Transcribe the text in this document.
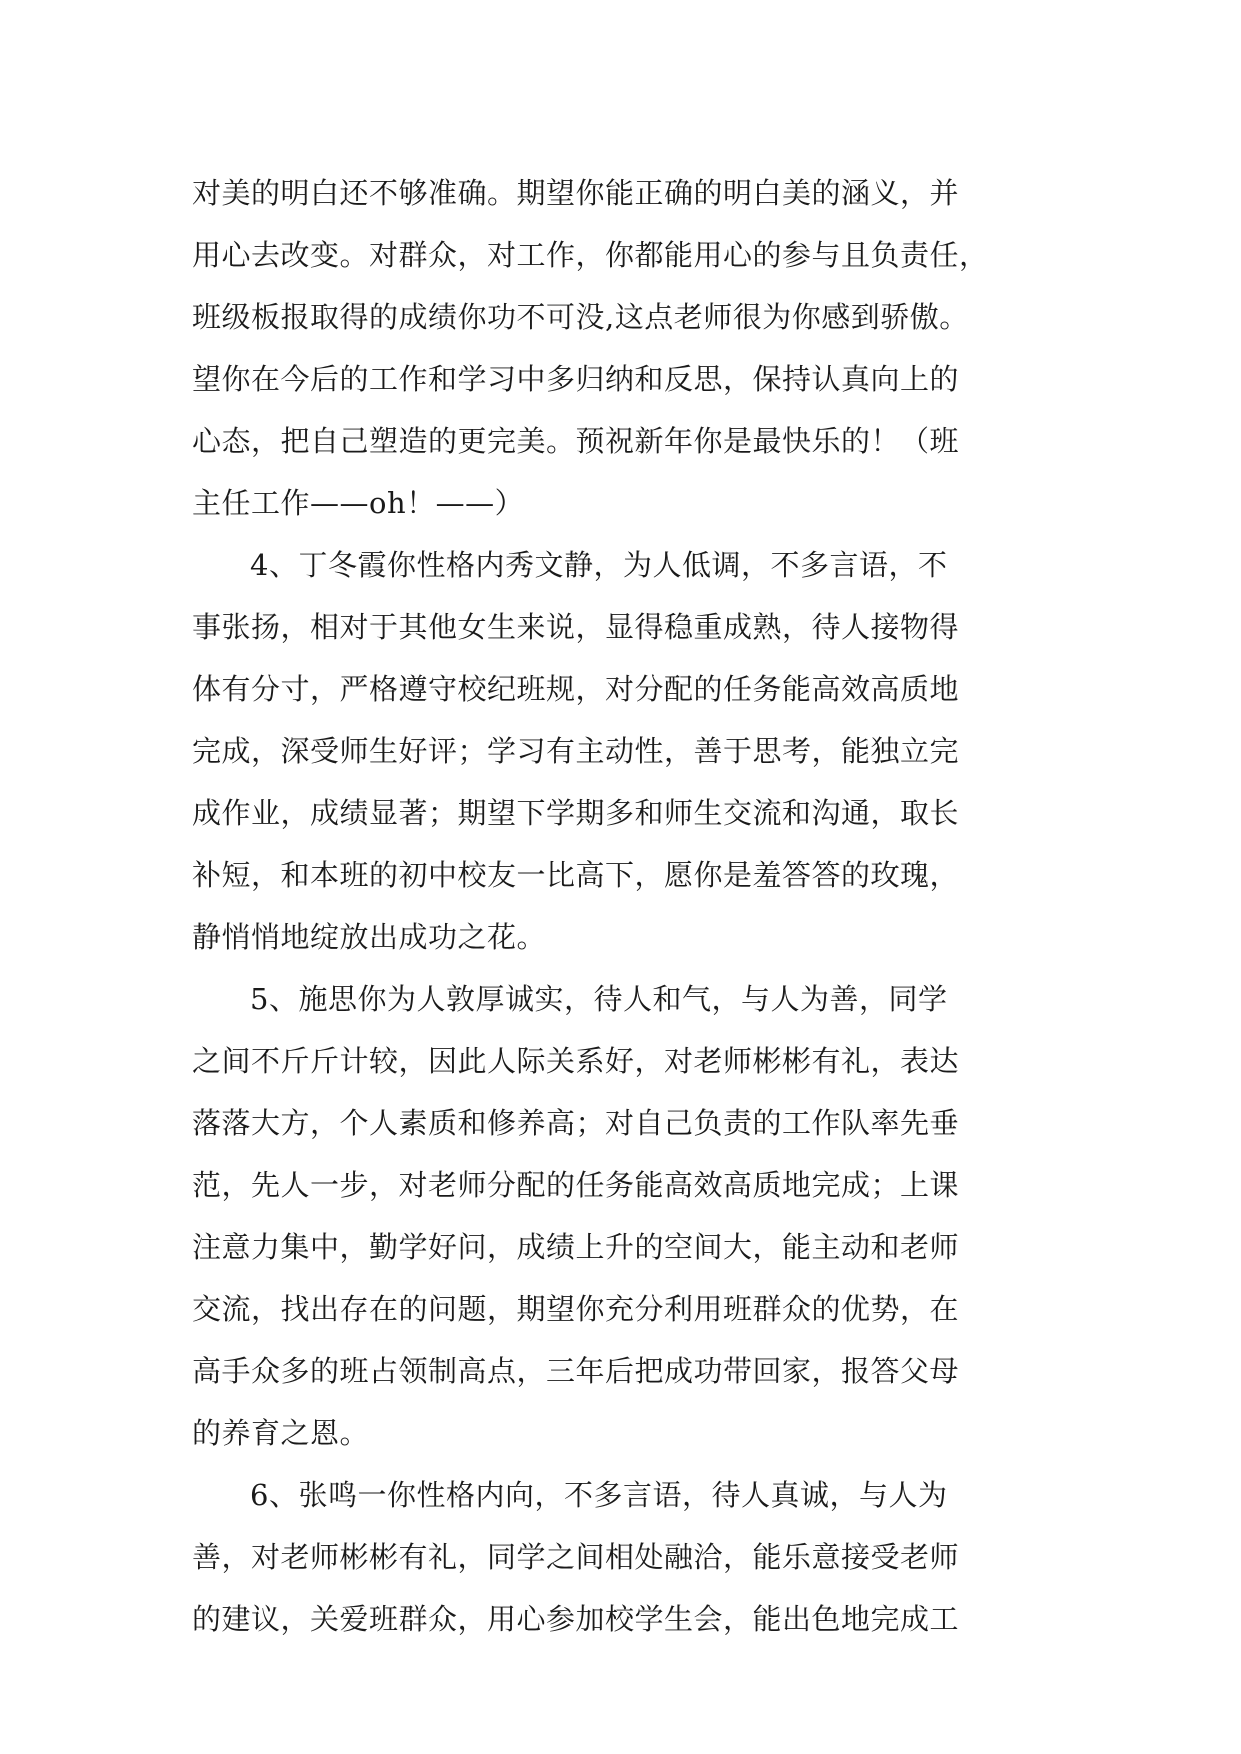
对美的明白还不够准确。期望你能正确的明白美的涵义，并
用心去改变。对群众，对工作，你都能用心的参与且负责任，
班级板报取得的成绩你功不可没,这点老师很为你感到骄傲。
望你在今后的工作和学习中多归纳和反思，保持认真向上的
心态，把自己塑造的更完美。预祝新年你是最快乐的！（班
主任工作——oh！——）
4、丁冬霞你性格内秀文静，为人低调，不多言语，不
事张扬，相对于其他女生来说，显得稳重成熟，待人接物得
体有分寸，严格遵守校纪班规，对分配的任务能高效高质地
完成，深受师生好评；学习有主动性，善于思考，能独立完
成作业，成绩显著；期望下学期多和师生交流和沟通，取长
补短，和本班的初中校友一比高下，愿你是羞答答的玫瑰，
静悄悄地绽放出成功之花。
5、施思你为人敦厚诚实，待人和气，与人为善，同学
之间不斤斤计较，因此人际关系好，对老师彬彬有礼，表达
落落大方，个人素质和修养高；对自己负责的工作队率先垂
范，先人一步，对老师分配的任务能高效高质地完成；上课
注意力集中，勤学好问，成绩上升的空间大，能主动和老师
交流，找出存在的问题，期望你充分利用班群众的优势，在
高手众多的班占领制高点，三年后把成功带回家，报答父母
的养育之恩。
6、张鸣一你性格内向，不多言语，待人真诚，与人为
善，对老师彬彬有礼，同学之间相处融洽，能乐意接受老师
的建议，关爱班群众，用心参加校学生会，能出色地完成工
